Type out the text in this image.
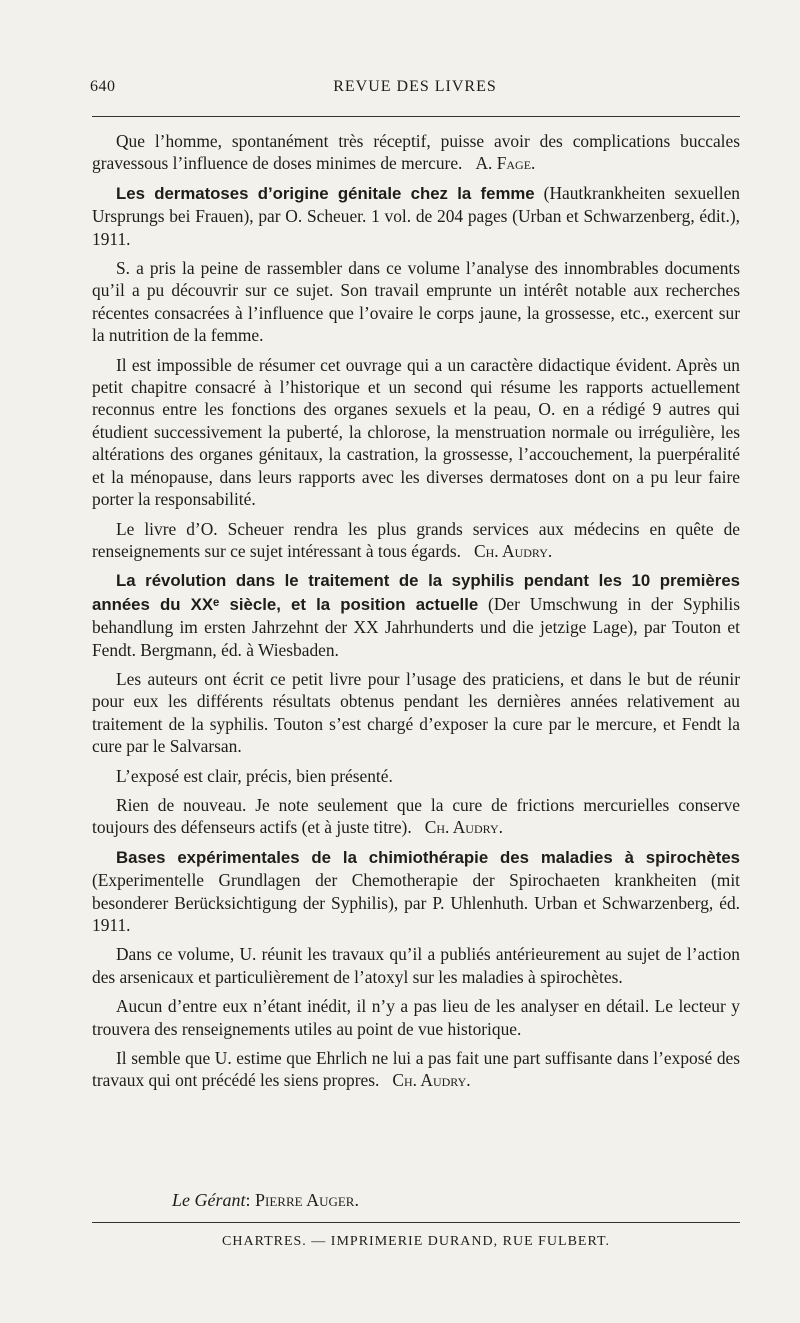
640	REVUE DES LIVRES

Que l’homme, spontanément très réceptif, puisse avoir des complications buccales gravessous l’influence de doses minimes de mercure. A. Fage.

Les dermatoses d’origine génitale chez la femme (Hautkrankheiten sexuellen Ursprungs bei Frauen), par O. Scheuer. 1 vol. de 204 pages (Urban et Schwarzenberg, édit.), 1911.

S. a pris la peine de rassembler dans ce volume l’analyse des innombrables documents qu’il a pu découvrir sur ce sujet. Son travail emprunte un intérêt notable aux recherches récentes consacrées à l’influence que l’ovaire le corps jaune, la grossesse, etc., exercent sur la nutrition de la femme.

Il est impossible de résumer cet ouvrage qui a un caractère didactique évident. Après un petit chapitre consacré à l’historique et un second qui résume les rapports actuellement reconnus entre les fonctions des organes sexuels et la peau, O. en a rédigé 9 autres qui étudient successivement la puberté, la chlorose, la menstruation normale ou irrégulière, les altérations des organes génitaux, la castration, la grossesse, l’accouchement, la puerpéralité et la ménopause, dans leurs rapports avec les diverses dermatoses dont on a pu leur faire porter la responsabilité.

Le livre d’O. Scheuer rendra les plus grands services aux médecins en quête de renseignements sur ce sujet intéressant à tous égards. Ch. Audry.

La révolution dans le traitement de la syphilis pendant les 10 premières années du XXᵉ siècle, et la position actuelle (Der Umschwung in der Syphilis behandlung im ersten Jahrzehnt der XX Jahrhunderts und die jetzige Lage), par Touton et Fendt. Bergmann, éd. à Wiesbaden.

Les auteurs ont écrit ce petit livre pour l’usage des praticiens, et dans le but de réunir pour eux les différents résultats obtenus pendant les dernières années relativement au traitement de la syphilis. Touton s’est chargé d’exposer la cure par le mercure, et Fendt la cure par le Salvarsan.

L’exposé est clair, précis, bien présenté.

Rien de nouveau. Je note seulement que la cure de frictions mercurielles conserve toujours des défenseurs actifs (et à juste titre). Ch. Audry.

Bases expérimentales de la chimiothérapie des maladies à spirochètes (Experimentelle Grundlagen der Chemotherapie der Spirochaeten krankheiten (mit besonderer Berücksichtigung der Syphilis), par P. Uhlenhuth. Urban et Schwarzenberg, éd. 1911.

Dans ce volume, U. réunit les travaux qu’il a publiés antérieurement au sujet de l’action des arsenicaux et particulièrement de l’atoxyl sur les maladies à spirochètes.

Aucun d’entre eux n’étant inédit, il n’y a pas lieu de les analyser en détail. Le lecteur y trouvera des renseignements utiles au point de vue historique.

Il semble que U. estime que Ehrlich ne lui a pas fait une part suffisante dans l’exposé des travaux qui ont précédé les siens propres. Ch. Audry.

Le Gérant: Pierre Auger.
CHARTRES. — IMPRIMERIE DURAND, RUE FULBERT.
